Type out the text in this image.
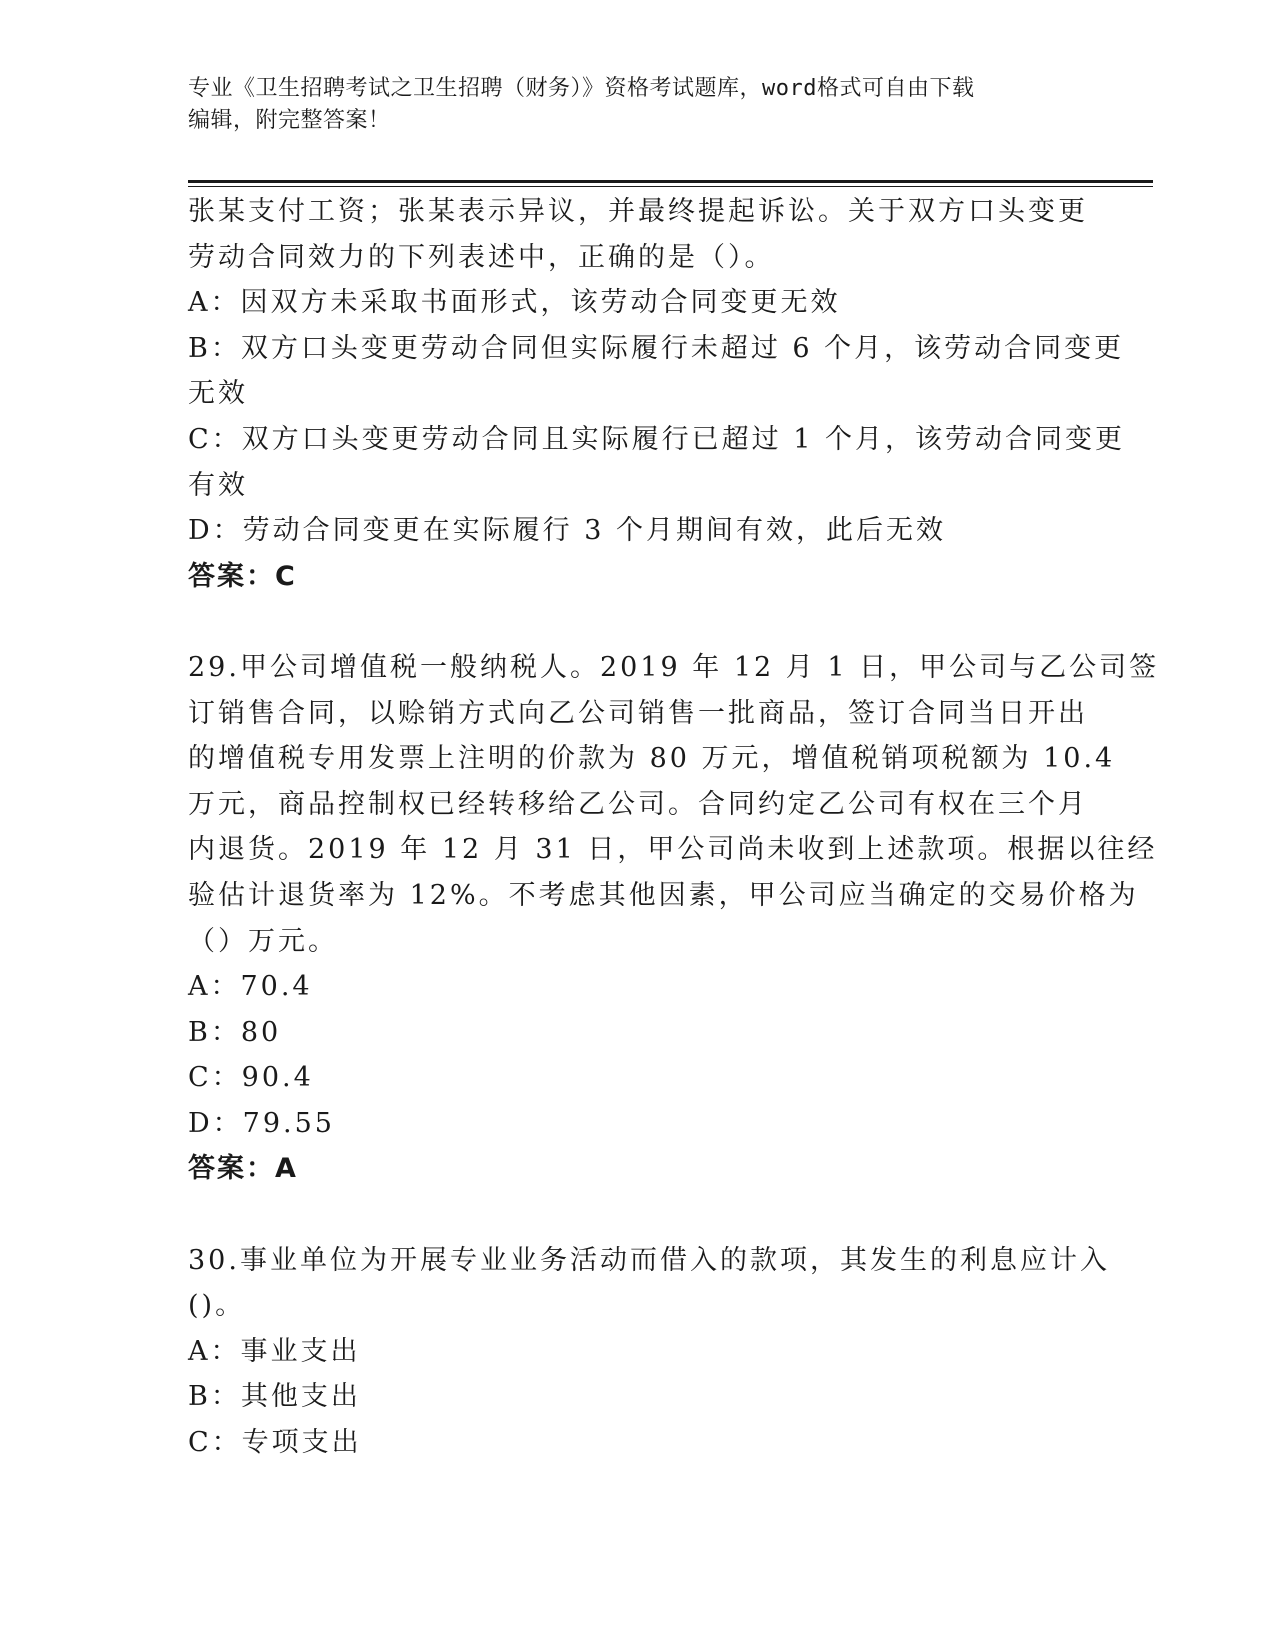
专业《卫生招聘考试之卫生招聘（财务）》资格考试题库，word格式可自由下载
编辑，附完整答案！
张某支付工资；张某表示异议，并最终提起诉讼。关于双方口头变更
劳动合同效力的下列表述中，正确的是（）。
A：因双方未采取书面形式，该劳动合同变更无效
B：双方口头变更劳动合同但实际履行未超过 6 个月，该劳动合同变更
无效
C：双方口头变更劳动合同且实际履行已超过 1 个月，该劳动合同变更
有效
D：劳动合同变更在实际履行 3 个月期间有效，此后无效
答案：C
29.甲公司增值税一般纳税人。2019 年 12 月 1 日，甲公司与乙公司签
订销售合同，以赊销方式向乙公司销售一批商品，签订合同当日开出
的增值税专用发票上注明的价款为 80 万元，增值税销项税额为 10.4
万元，商品控制权已经转移给乙公司。合同约定乙公司有权在三个月
内退货。2019 年 12 月 31 日，甲公司尚未收到上述款项。根据以往经
验估计退货率为 12%。不考虑其他因素，甲公司应当确定的交易价格为
（）万元。
A：70.4
B：80
C：90.4
D：79.55
答案：A
30.事业单位为开展专业业务活动而借入的款项，其发生的利息应计入
()。
A：事业支出
B：其他支出
C：专项支出
